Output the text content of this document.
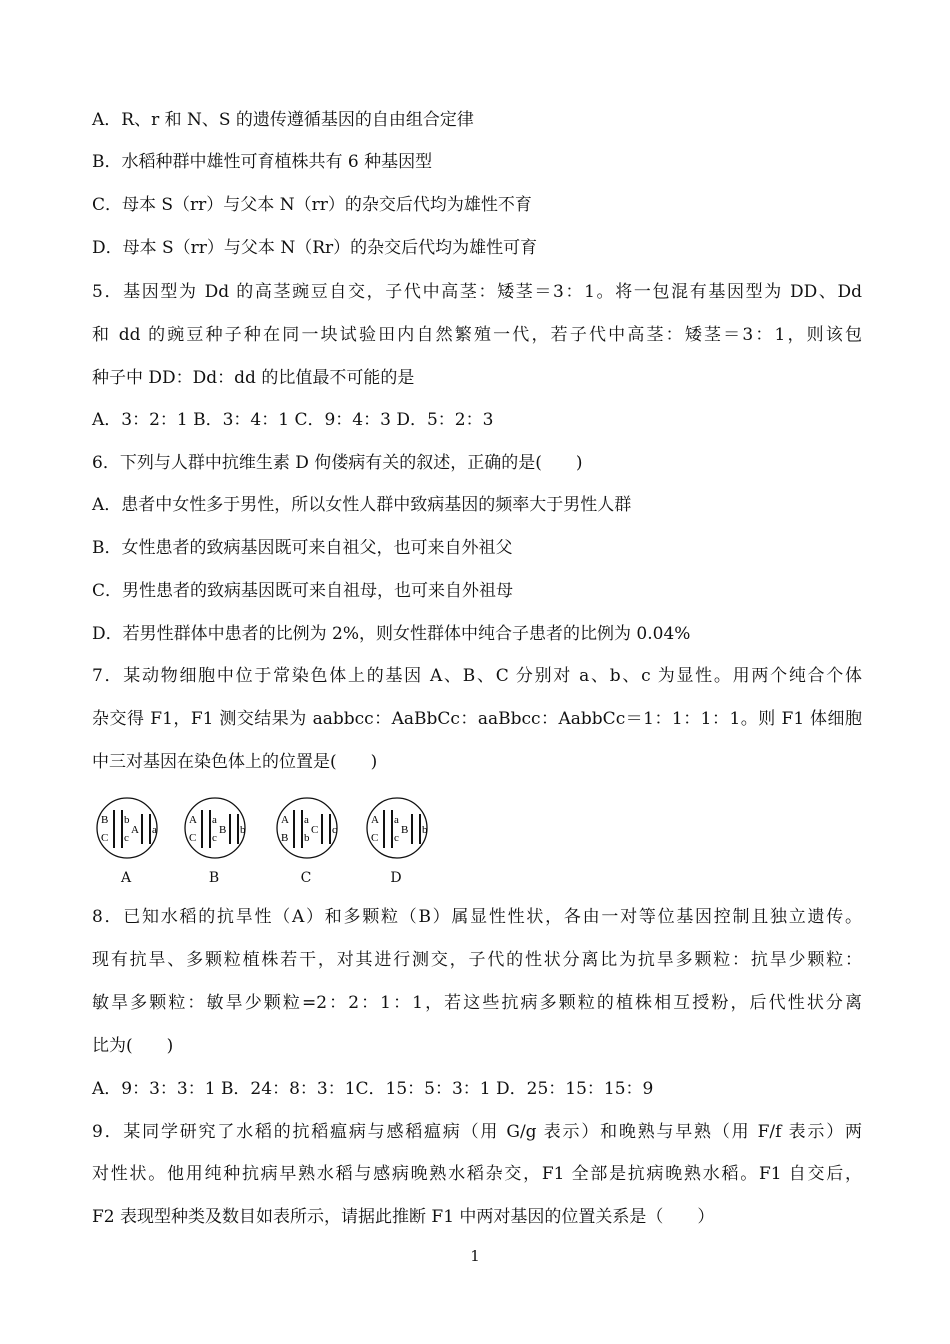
A．R、r 和 N、S 的遗传遵循基因的自由组合定律
B．水稻种群中雄性可育植株共有 6 种基因型
C．母本 S（rr）与父本 N（rr）的杂交后代均为雄性不育
D．母本 S（rr）与父本 N（Rr）的杂交后代均为雄性可育
5．基因型为 Dd 的高茎豌豆自交，子代中高茎：矮茎＝3：1。将一包混有基因型为 DD、Dd
和 dd 的豌豆种子种在同一块试验田内自然繁殖一代，若子代中高茎：矮茎＝3：1，则该包
种子中 DD：Dd：dd 的比值最不可能的是
A．3：2：1 B．3：4：1 C．9：4：3 D．5：2：3
6．下列与人群中抗维生素 D 佝偻病有关的叙述，正确的是(　　)
A．患者中女性多于男性，所以女性人群中致病基因的频率大于男性人群
B．女性患者的致病基因既可来自祖父，也可来自外祖父
C．男性患者的致病基因既可来自祖母，也可来自外祖母
D．若男性群体中患者的比例为 2%，则女性群体中纯合子患者的比例为 0.04%
7．某动物细胞中位于常染色体上的基因 A、B、C 分别对 a、b、c 为显性。用两个纯合个体
杂交得 F1，F1 测交结果为 aabbcc：AaBbCc：aaBbcc：AabbCc＝1：1：1：1。则 F1 体细胞
中三对基因在染色体上的位置是(　　)
B b
C c
A a
A
A a
C c
B b
B
A a
B b
C c
C
A a
C c
B b
D
8．已知水稻的抗旱性（A）和多颗粒（B）属显性性状，各由一对等位基因控制且独立遗传。
现有抗旱、多颗粒植株若干，对其进行测交，子代的性状分离比为抗旱多颗粒：抗旱少颗粒：
敏旱多颗粒：敏旱少颗粒=2：2：1：1，若这些抗病多颗粒的植株相互授粉，后代性状分离
比为(　　)
A．9：3：3：1 B．24：8：3：1C．15：5：3：1 D．25：15：15：9
9．某同学研究了水稻的抗稻瘟病与感稻瘟病（用 G/g 表示）和晚熟与早熟（用 F/f 表示）两
对性状。他用纯种抗病早熟水稻与感病晚熟水稻杂交，F1 全部是抗病晚熟水稻。F1 自交后，
F2 表现型种类及数目如表所示，请据此推断 F1 中两对基因的位置关系是（　　）
1
